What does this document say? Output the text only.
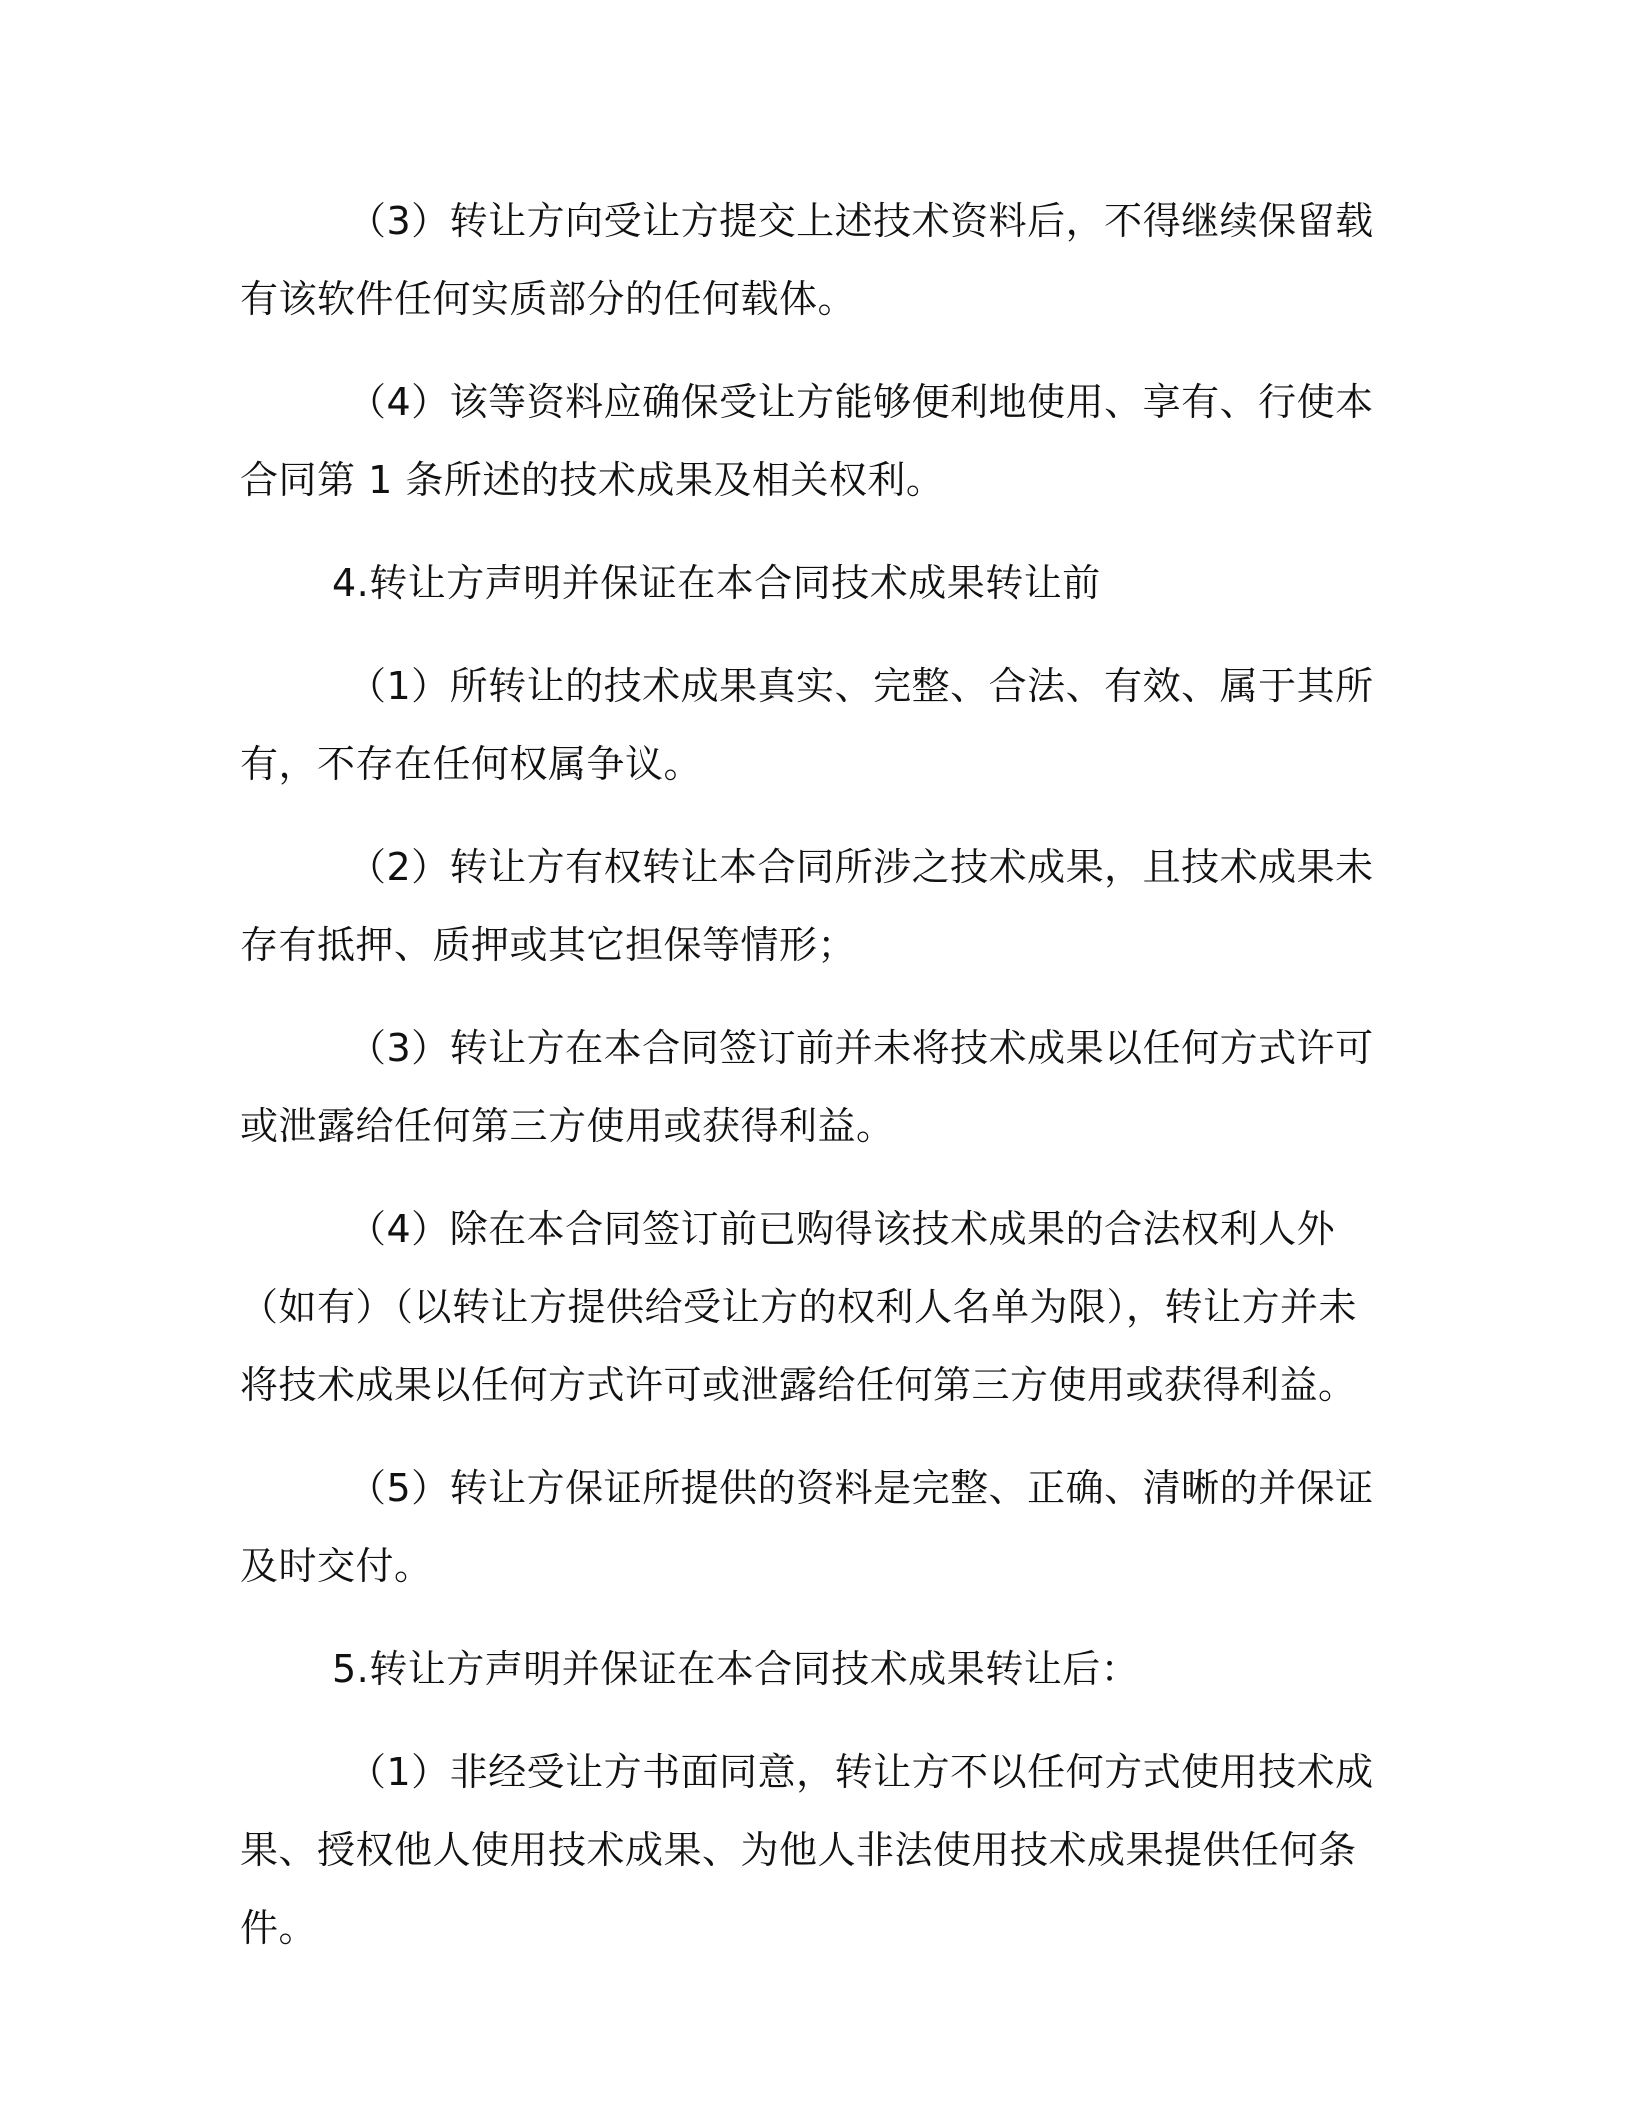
（3）转让方向受让方提交上述技术资料后，不得继续保留载有该软件任何实质部分的任何载体。

（4）该等资料应确保受让方能够便利地使用、享有、行使本合同第 1 条所述的技术成果及相关权利。

4.转让方声明并保证在本合同技术成果转让前

（1）所转让的技术成果真实、完整、合法、有效、属于其所有，不存在任何权属争议。

（2）转让方有权转让本合同所涉之技术成果，且技术成果未存有抵押、质押或其它担保等情形；

（3）转让方在本合同签订前并未将技术成果以任何方式许可或泄露给任何第三方使用或获得利益。

（4）除在本合同签订前已购得该技术成果的合法权利人外（如有）（以转让方提供给受让方的权利人名单为限），转让方并未将技术成果以任何方式许可或泄露给任何第三方使用或获得利益。

（5）转让方保证所提供的资料是完整、正确、清晰的并保证及时交付。

5.转让方声明并保证在本合同技术成果转让后：

（1）非经受让方书面同意，转让方不以任何方式使用技术成果、授权他人使用技术成果、为他人非法使用技术成果提供任何条件。
